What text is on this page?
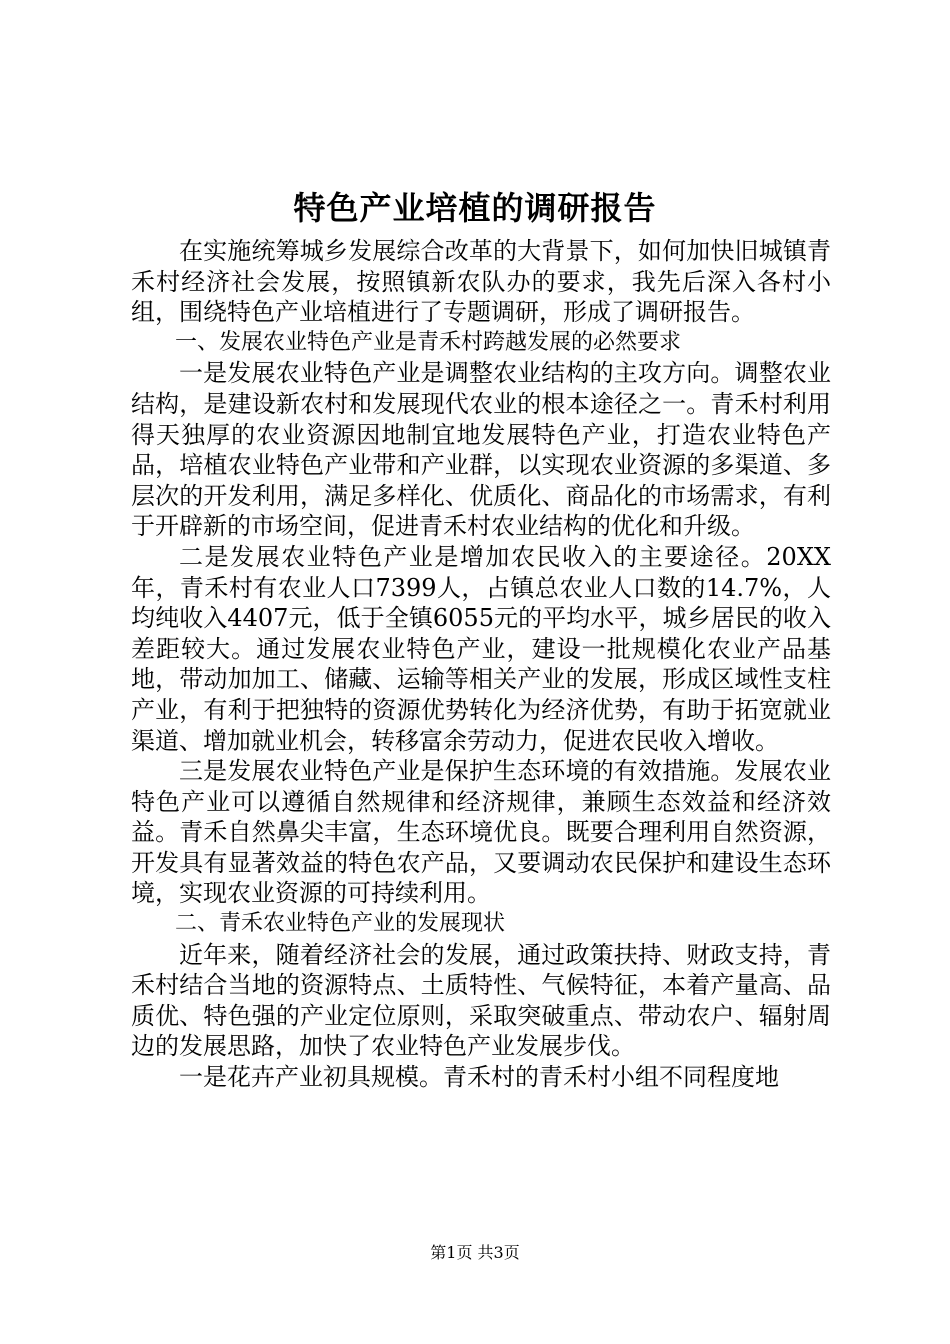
特色产业培植的调研报告

在实施统筹城乡发展综合改革的大背景下，如何加快旧城镇青禾村经济社会发展，按照镇新农队办的要求，我先后深入各村小组，围绕特色产业培植进行了专题调研，形成了调研报告。

一、发展农业特色产业是青禾村跨越发展的必然要求

一是发展农业特色产业是调整农业结构的主攻方向。调整农业结构，是建设新农村和发展现代农业的根本途径之一。青禾村利用得天独厚的农业资源因地制宜地发展特色产业，打造农业特色产品，培植农业特色产业带和产业群，以实现农业资源的多渠道、多层次的开发利用，满足多样化、优质化、商品化的市场需求，有利于开辟新的市场空间，促进青禾村农业结构的优化和升级。

二是发展农业特色产业是增加农民收入的主要途径。20XX年，青禾村有农业人口7399人，占镇总农业人口数的14.7%，人均纯收入4407元，低于全镇6055元的平均水平，城乡居民的收入差距较大。通过发展农业特色产业，建设一批规模化农业产品基地，带动加加工、储藏、运输等相关产业的发展，形成区域性支柱产业，有利于把独特的资源优势转化为经济优势，有助于拓宽就业渠道、增加就业机会，转移富余劳动力，促进农民收入增收。

三是发展农业特色产业是保护生态环境的有效措施。发展农业特色产业可以遵循自然规律和经济规律，兼顾生态效益和经济效益。青禾自然鼻尖丰富，生态环境优良。既要合理利用自然资源，开发具有显著效益的特色农产品，又要调动农民保护和建设生态环境，实现农业资源的可持续利用。

二、青禾农业特色产业的发展现状

近年来，随着经济社会的发展，通过政策扶持、财政支持，青禾村结合当地的资源特点、土质特性、气候特征，本着产量高、品质优、特色强的产业定位原则，采取突破重点、带动农户、辐射周边的发展思路，加快了农业特色产业发展步伐。

一是花卉产业初具规模。青禾村的青禾村小组不同程度地

第1页 共3页
